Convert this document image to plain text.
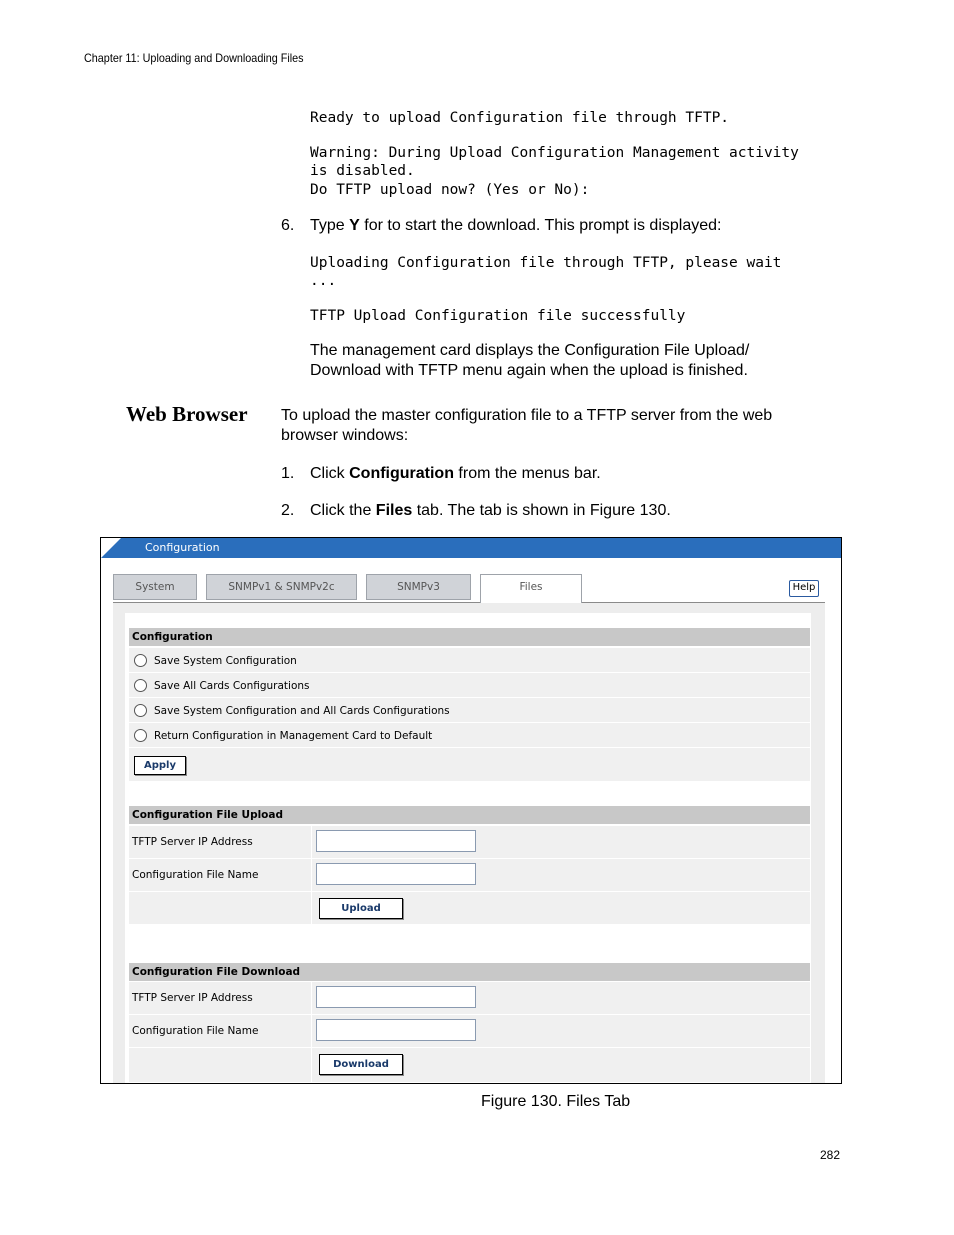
Chapter 11: Uploading and Downloading Files
Ready to upload Configuration file through TFTP.
Warning: During Upload Configuration Management activity
is disabled.
Do TFTP upload now? (Yes or No):
6. Type Y for to start the download. This prompt is displayed:
Uploading Configuration file through TFTP, please wait
...
TFTP Upload Configuration file successfully
The management card displays the Configuration File Upload/
Download with TFTP menu again when the upload is finished.
Web Browser To upload the master configuration file to a TFTP server from the web
browser windows:
1. Click Configuration from the menus bar.
2. Click the Files tab. The tab is shown in Figure 130.
Configuration
System	SNMPv1 & SNMPv2c	SNMPv3	Files	Help
Configuration
Save System Configuration
Save All Cards Configurations
Save System Configuration and All Cards Configurations
Return Configuration in Management Card to Default
Apply
Configuration File Upload
TFTP Server IP Address
Configuration File Name
Upload
Configuration File Download
TFTP Server IP Address
Configuration File Name
Download
Figure 130. Files Tab
282
